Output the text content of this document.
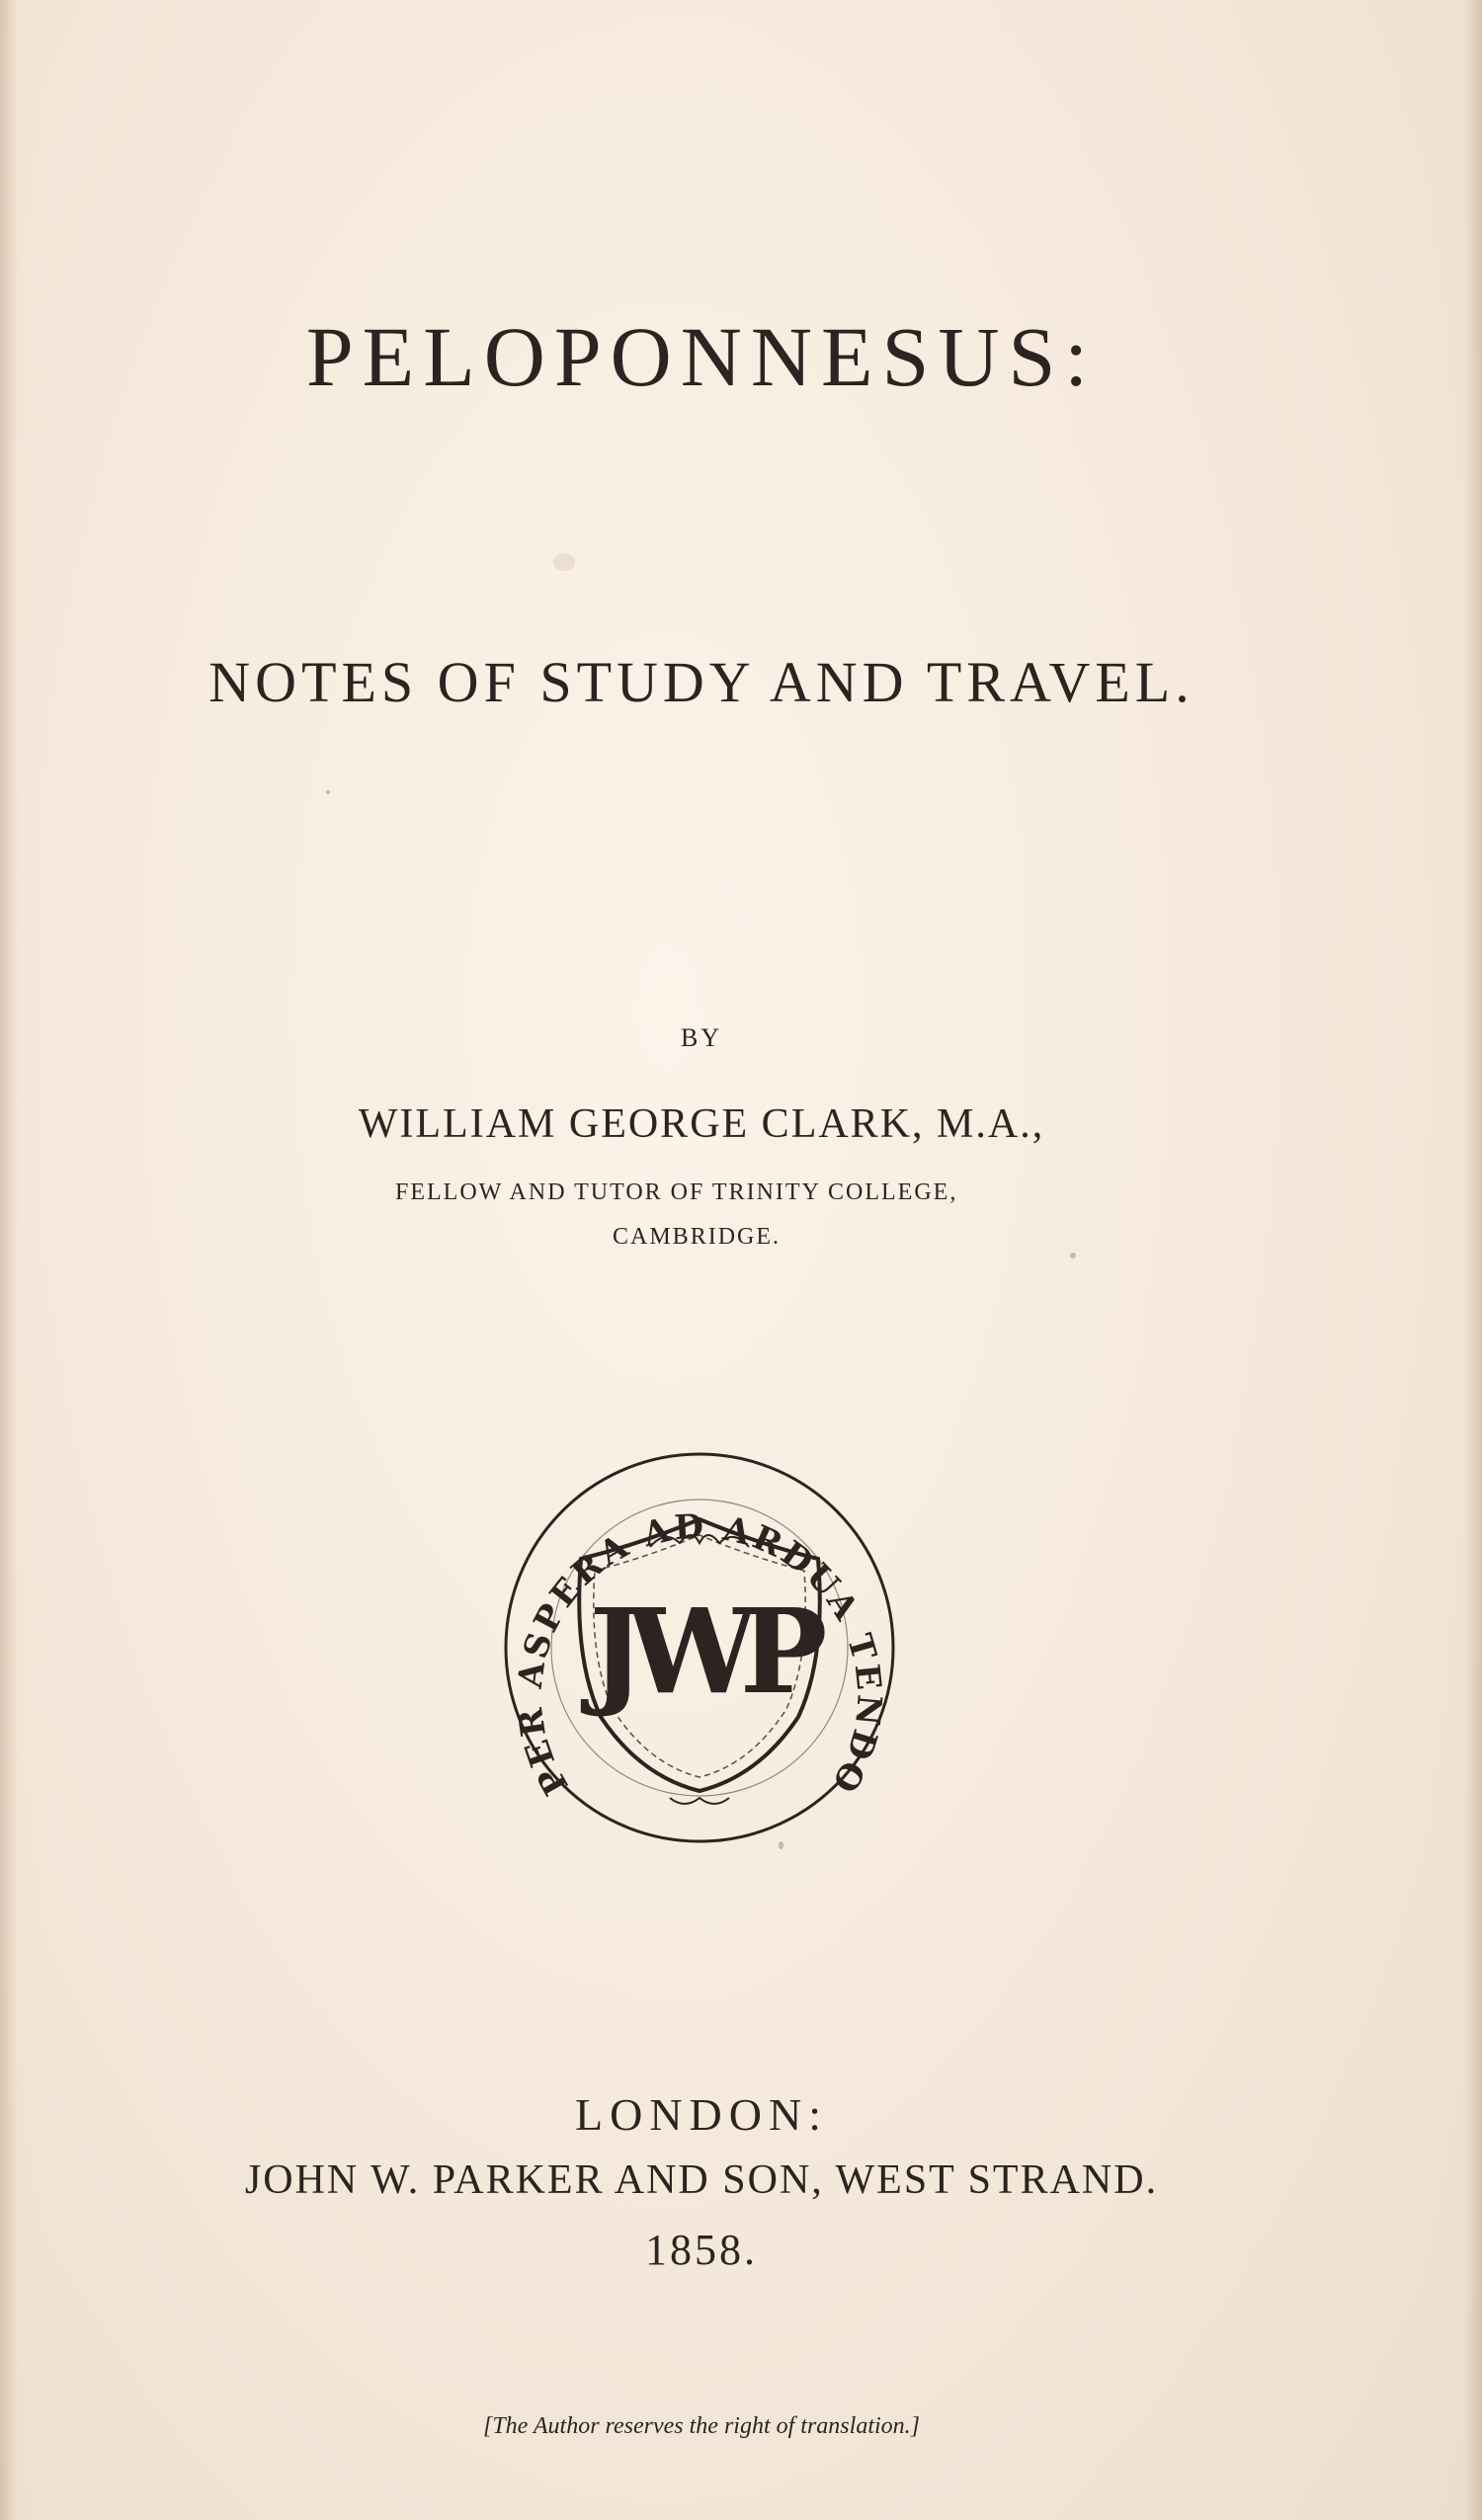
PELOPONNESUS:
NOTES OF STUDY AND TRAVEL.
BY
WILLIAM GEORGE CLARK, M.A.,
FELLOW AND TUTOR OF TRINITY COLLEGE,
CAMBRIDGE.
PER ASPERA AD ARDUA TENDO
JWP
LONDON:
JOHN W. PARKER AND SON, WEST STRAND.
1858.
[The Author reserves the right of translation.]
